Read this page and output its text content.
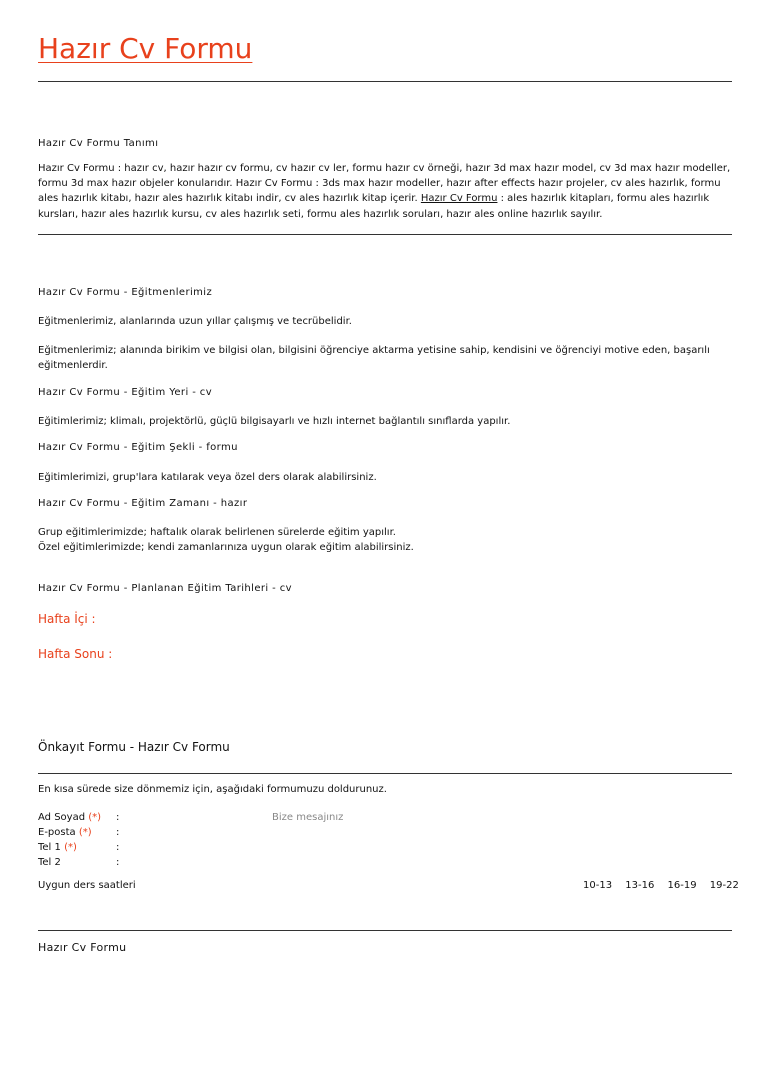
Hazır Cv Formu
Hazır Cv Formu Tanımı
Hazır Cv Formu : hazır cv, hazır hazır cv formu, cv hazır cv ler, formu hazır cv örneği, hazır 3d max hazır model, cv 3d max hazır modeller, formu 3d max hazır objeler konularıdır. Hazır Cv Formu : 3ds max hazır modeller, hazır after effects hazır projeler, cv ales hazırlık, formu ales hazırlık kitabı, hazır ales hazırlık kitabı indir, cv ales hazırlık kitap içerir. Hazır Cv Formu : ales hazırlık kitapları, formu ales hazırlık kursları, hazır ales hazırlık kursu, cv ales hazırlık seti, formu ales hazırlık soruları, hazır ales online hazırlık sayılır.
Hazır Cv Formu - Eğitmenlerimiz
Eğitmenlerimiz, alanlarında uzun yıllar çalışmış ve tecrübelidir.
Eğitmenlerimiz; alanında birikim ve bilgisi olan, bilgisini öğrenciye aktarma yetisine sahip, kendisini ve öğrenciyi motive eden, başarılı eğitmenlerdir.
Hazır Cv Formu - Eğitim Yeri - cv
Eğitimlerimiz; klimalı, projektörlü, güçlü bilgisayarlı ve hızlı internet bağlantılı sınıflarda yapılır.
Hazır Cv Formu - Eğitim Şekli - formu
Eğitimlerimizi, grup'lara katılarak veya özel ders olarak alabilirsiniz.
Hazır Cv Formu - Eğitim Zamanı - hazır
Grup eğitimlerimizde; haftalık olarak belirlenen sürelerde eğitim yapılır.
Özel eğitimlerimizde; kendi zamanlarınıza uygun olarak eğitim alabilirsiniz.
Hazır Cv Formu - Planlanan Eğitim Tarihleri - cv
Hafta İçi :
Hafta Sonu :
Önkayıt Formu - Hazır Cv Formu
En kısa sürede size dönmemiz için, aşağıdaki formumuzu doldurunuz.
Ad Soyad (*) :
E-posta (*) :
Tel 1 (*)	:
Tel 2	:
Bize mesajınız
Uygun ders saatleri	10-13 13-16 16-19 19-22
Hazır Cv Formu
